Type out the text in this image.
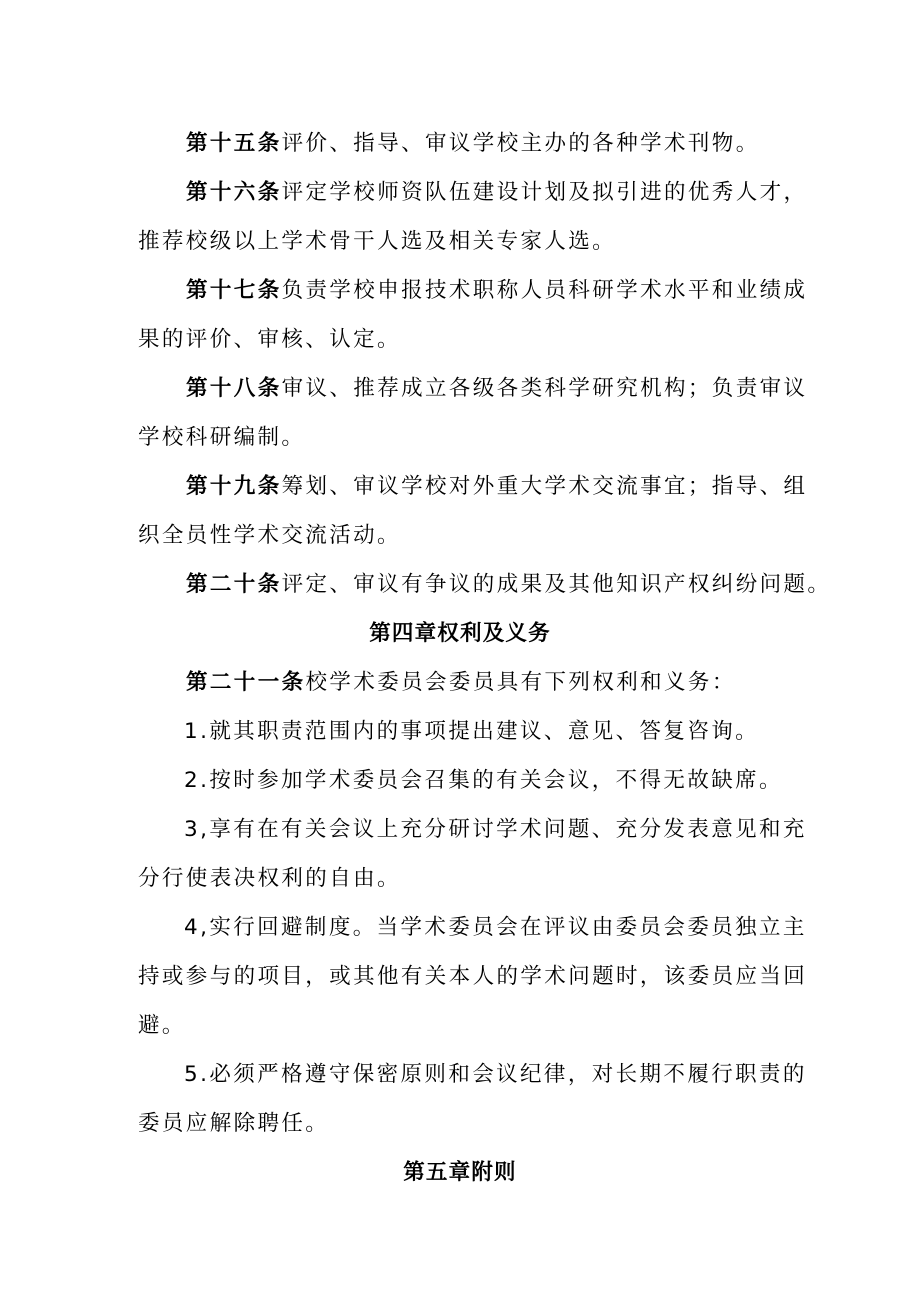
第十五条评价、指导、审议学校主办的各种学术刊物。
第十六条评定学校师资队伍建设计划及拟引进的优秀人才，
推荐校级以上学术骨干人选及相关专家人选。
第十七条负责学校申报技术职称人员科研学术水平和业绩成
果的评价、审核、认定。
第十八条审议、推荐成立各级各类科学研究机构；负责审议
学校科研编制。
第十九条筹划、审议学校对外重大学术交流事宜；指导、组
织全员性学术交流活动。
第二十条评定、审议有争议的成果及其他知识产权纠纷问题。
第四章权利及义务
第二十一条校学术委员会委员具有下列权利和义务：
1.就其职责范围内的事项提出建议、意见、答复咨询。
2.按时参加学术委员会召集的有关会议，不得无故缺席。
3,享有在有关会议上充分研讨学术问题、充分发表意见和充
分行使表决权利的自由。
4,实行回避制度。当学术委员会在评议由委员会委员独立主
持或参与的项目，或其他有关本人的学术问题时，该委员应当回
避。
5.必须严格遵守保密原则和会议纪律，对长期不履行职责的
委员应解除聘任。
第五章附则
